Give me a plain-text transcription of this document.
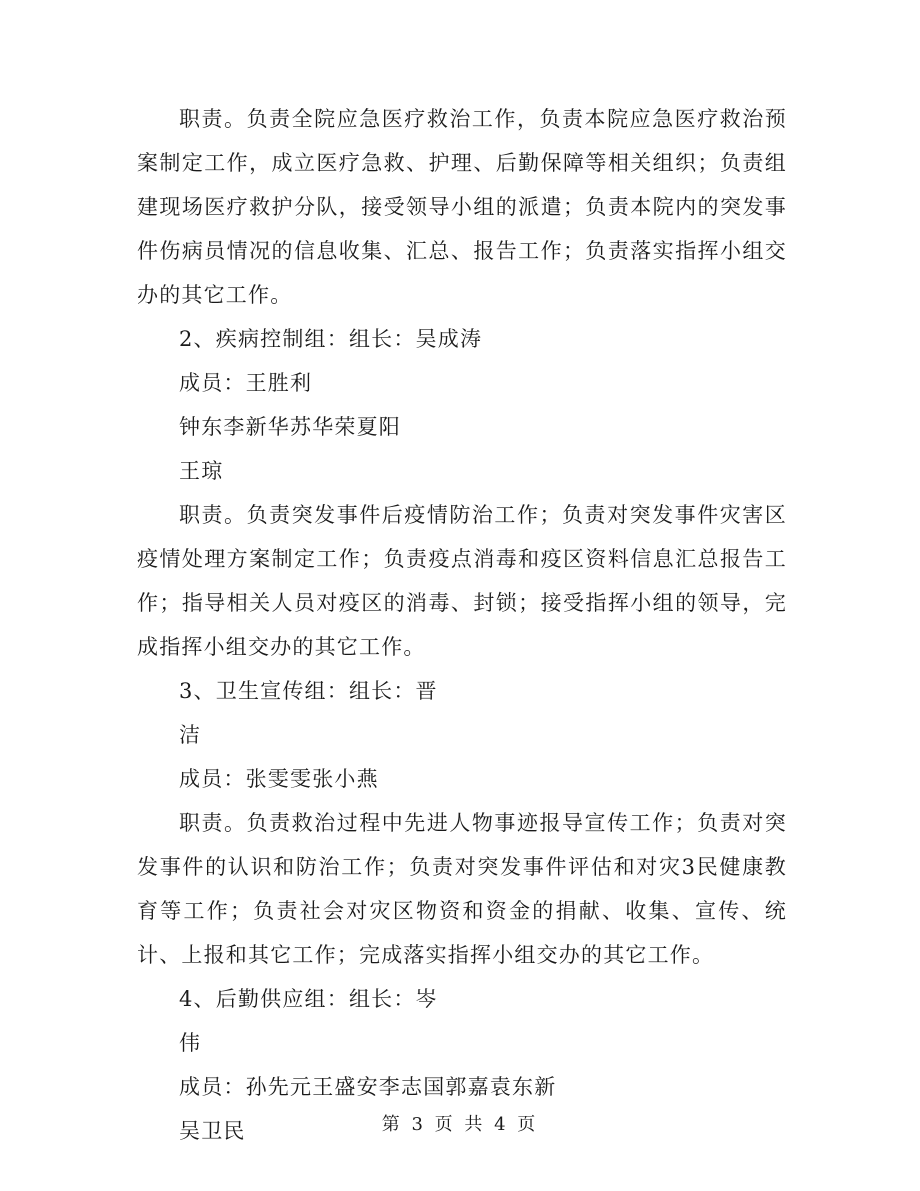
职责。负责全院应急医疗救治工作，负责本院应急医疗救治预案制定工作，成立医疗急救、护理、后勤保障等相关组织；负责组建现场医疗救护分队，接受领导小组的派遣；负责本院内的突发事件伤病员情况的信息收集、汇总、报告工作；负责落实指挥小组交办的其它工作。

2、疾病控制组：组长：吴成涛

成员：王胜利

钟东李新华苏华荣夏阳

王琼

职责。负责突发事件后疫情防治工作；负责对突发事件灾害区疫情处理方案制定工作；负责疫点消毒和疫区资料信息汇总报告工作；指导相关人员对疫区的消毒、封锁；接受指挥小组的领导，完成指挥小组交办的其它工作。

3、卫生宣传组：组长：晋

洁

成员：张雯雯张小燕

职责。负责救治过程中先进人物事迹报导宣传工作；负责对突发事件的认识和防治工作；负责对突发事件评估和对灾3民健康教育等工作；负责社会对灾区物资和资金的捐献、收集、宣传、统计、上报和其它工作；完成落实指挥小组交办的其它工作。

4、后勤供应组：组长：岑

伟

成员：孙先元王盛安李志国郭嘉袁东新

吴卫民	第 3 页 共 4 页
